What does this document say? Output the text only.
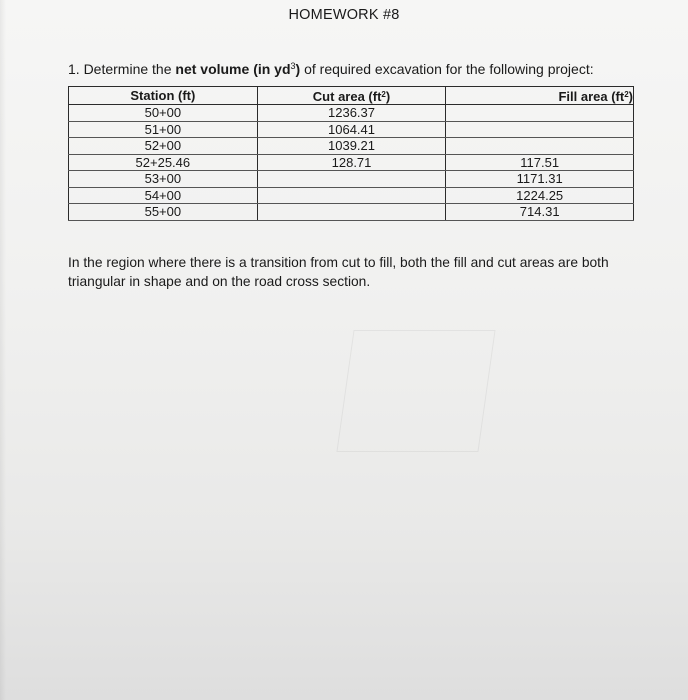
HOMEWORK #8
1. Determine the net volume (in $yd^3$) of required excavation for the following project:
Station (ft)	Cut area $(ft^2)$	Fill area $(ft^2)$
50+00	1236.37	
51+00	1064.41	
52+00	1039.21	
52+25.46	128.71	117.51
53+00		1171.31
54+00		1224.25
55+00		714.31
In the region where there is a transition from cut to fill, both the fill and cut areas are both triangular in shape and on the road cross section.
